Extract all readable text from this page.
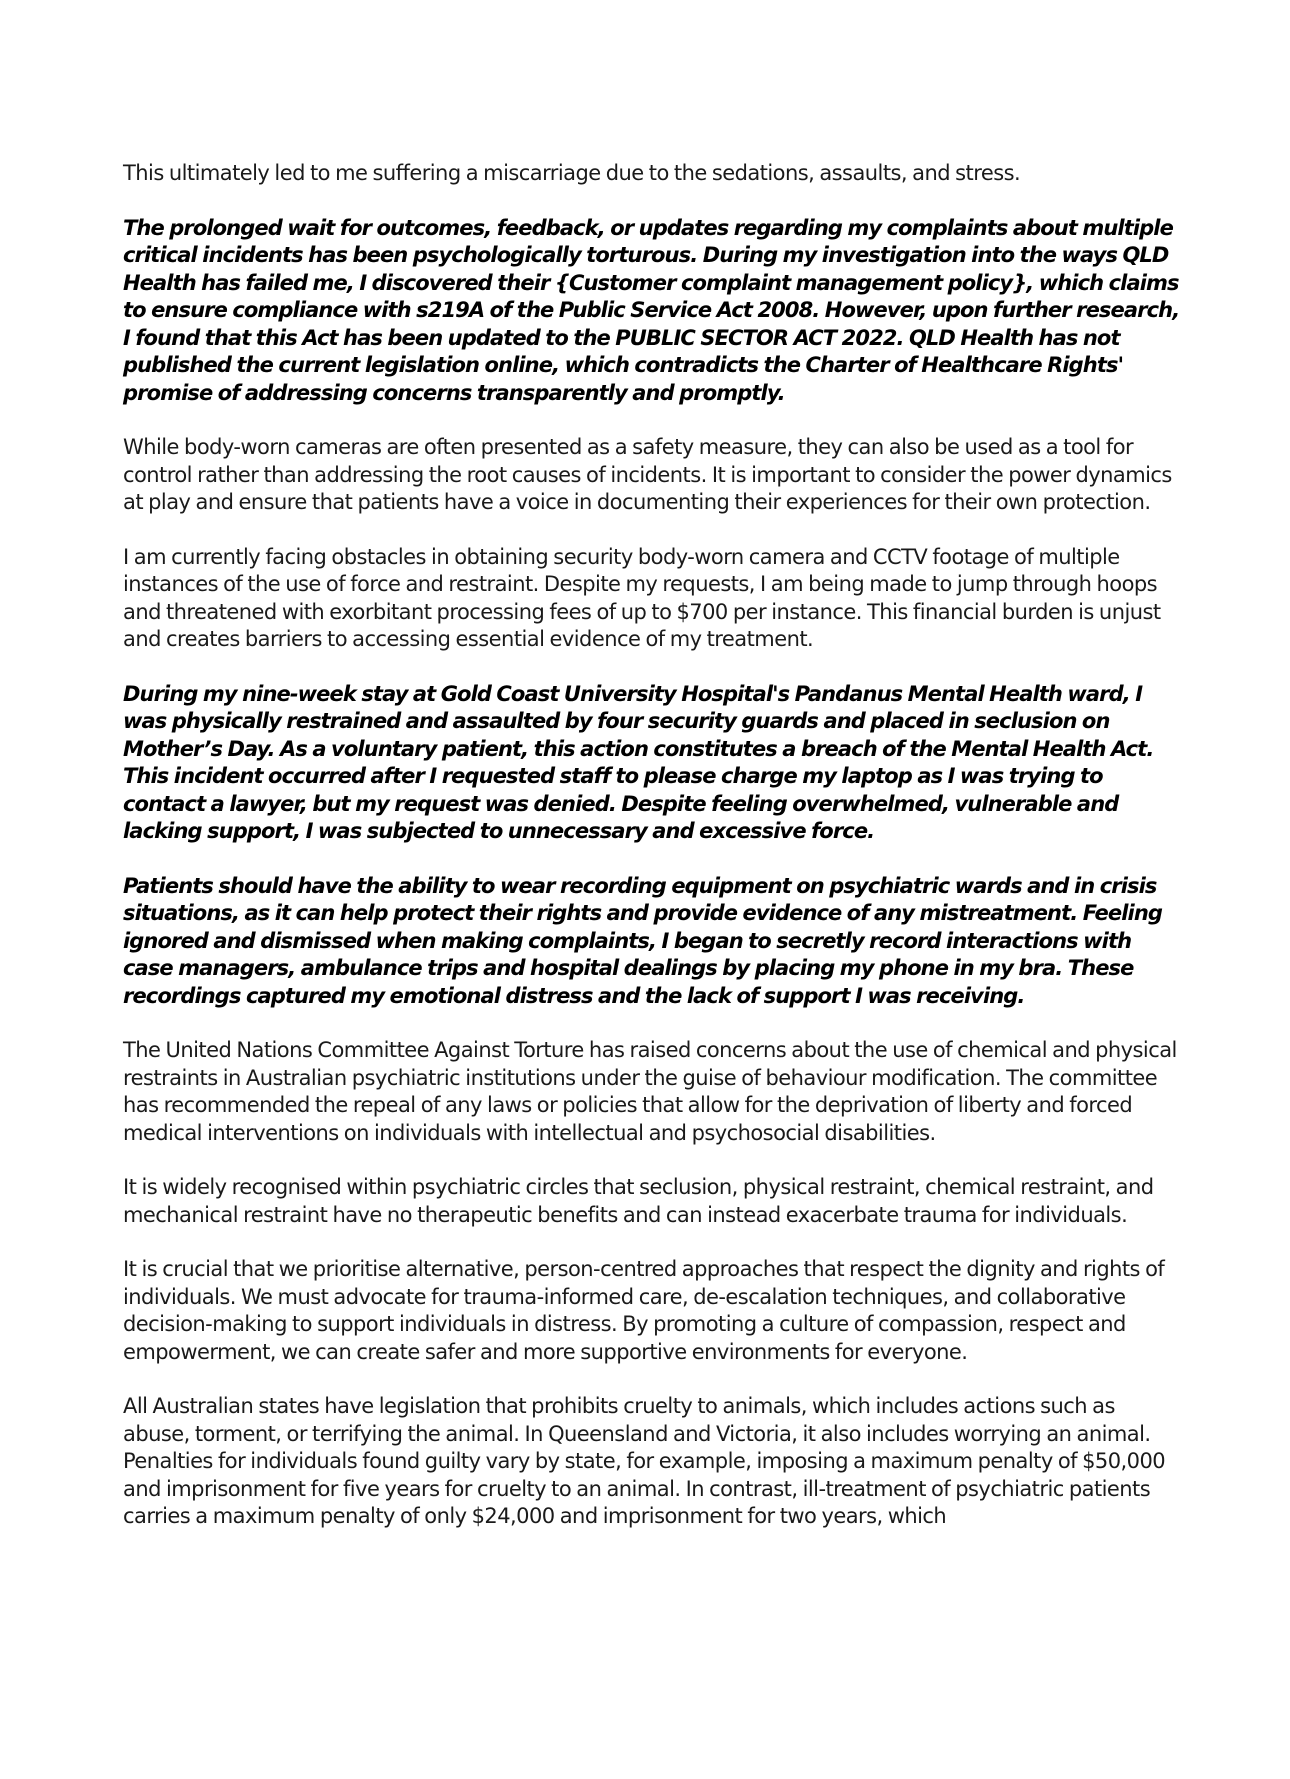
This ultimately led to me suffering a miscarriage due to the sedations, assaults, and stress.

The prolonged wait for outcomes, feedback, or updates regarding my complaints about multiple critical incidents has been psychologically torturous. During my investigation into the ways QLD Health has failed me, I discovered their {Customer complaint management policy}, which claims to ensure compliance with s219A of the Public Service Act 2008. However, upon further research, I found that this Act has been updated to the PUBLIC SECTOR ACT 2022. QLD Health has not published the current legislation online, which contradicts the Charter of Healthcare Rights' promise of addressing concerns transparently and promptly.

While body-worn cameras are often presented as a safety measure, they can also be used as a tool for control rather than addressing the root causes of incidents. It is important to consider the power dynamics at play and ensure that patients have a voice in documenting their experiences for their own protection.

I am currently facing obstacles in obtaining security body-worn camera and CCTV footage of multiple instances of the use of force and restraint. Despite my requests, I am being made to jump through hoops and threatened with exorbitant processing fees of up to $700 per instance. This financial burden is unjust and creates barriers to accessing essential evidence of my treatment.

During my nine-week stay at Gold Coast University Hospital's Pandanus Mental Health ward, I was physically restrained and assaulted by four security guards and placed in seclusion on Mother’s Day. As a voluntary patient, this action constitutes a breach of the Mental Health Act. This incident occurred after I requested staff to please charge my laptop as I was trying to contact a lawyer, but my request was denied. Despite feeling overwhelmed, vulnerable and lacking support, I was subjected to unnecessary and excessive force.

Patients should have the ability to wear recording equipment on psychiatric wards and in crisis situations, as it can help protect their rights and provide evidence of any mistreatment. Feeling ignored and dismissed when making complaints, I began to secretly record interactions with case managers, ambulance trips and hospital dealings by placing my phone in my bra. These recordings captured my emotional distress and the lack of support I was receiving.

The United Nations Committee Against Torture has raised concerns about the use of chemical and physical restraints in Australian psychiatric institutions under the guise of behaviour modification. The committee has recommended the repeal of any laws or policies that allow for the deprivation of liberty and forced medical interventions on individuals with intellectual and psychosocial disabilities.

It is widely recognised within psychiatric circles that seclusion, physical restraint, chemical restraint, and mechanical restraint have no therapeutic benefits and can instead exacerbate trauma for individuals.

It is crucial that we prioritise alternative, person-centred approaches that respect the dignity and rights of individuals. We must advocate for trauma-informed care, de-escalation techniques, and collaborative decision-making to support individuals in distress. By promoting a culture of compassion, respect and empowerment, we can create safer and more supportive environments for everyone.

All Australian states have legislation that prohibits cruelty to animals, which includes actions such as abuse, torment, or terrifying the animal. In Queensland and Victoria, it also includes worrying an animal. Penalties for individuals found guilty vary by state, for example, imposing a maximum penalty of $50,000 and imprisonment for five years for cruelty to an animal. In contrast, ill-treatment of psychiatric patients carries a maximum penalty of only $24,000 and imprisonment for two years, which
